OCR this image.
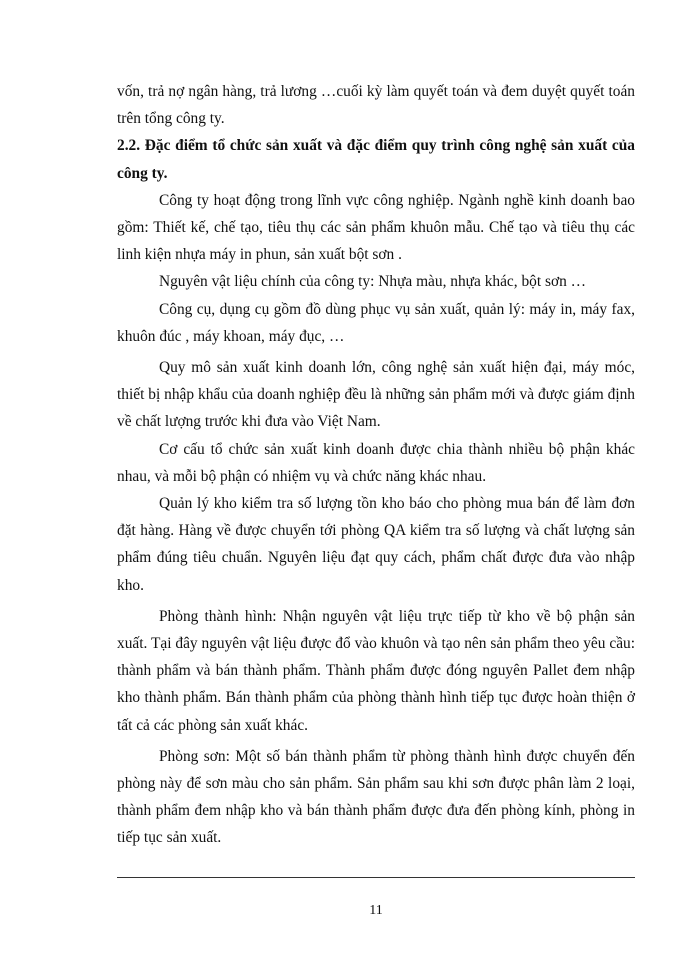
vốn, trả nợ ngân hàng, trả lương …cuối kỳ làm quyết toán và đem duyệt quyết toán trên tổng công ty.

2.2. Đặc điểm tổ chức sản xuất và đặc điểm quy trình công nghệ sản xuất của công ty.

Công ty hoạt động trong lĩnh vực công nghiệp. Ngành nghề kinh doanh bao gồm: Thiết kế, chế tạo, tiêu thụ các sản phẩm khuôn mẫu. Chế tạo và tiêu thụ các linh kiện nhựa máy in phun, sản xuất bột sơn .

Nguyên vật liệu chính của công ty: Nhựa màu, nhựa khác, bột sơn …

Công cụ, dụng cụ gồm đồ dùng phục vụ sản xuất, quản lý: máy in, máy fax, khuôn đúc , máy khoan, máy đục, …

Quy mô sản xuất kinh doanh lớn, công nghệ sản xuất hiện đại, máy móc, thiết bị nhập khẩu của doanh nghiệp đều là những sản phẩm mới và được giám định về chất lượng trước khi đưa vào Việt Nam.

Cơ cấu tổ chức sản xuất kinh doanh được chia thành nhiều bộ phận khác nhau, và mỗi bộ phận có nhiệm vụ và chức năng khác nhau.

Quản lý kho kiểm tra số lượng tồn kho báo cho phòng mua bán để làm đơn đặt hàng. Hàng về được chuyển tới phòng QA kiểm tra số lượng và chất lượng sản phẩm đúng tiêu chuẩn. Nguyên liệu đạt quy cách, phẩm chất được đưa vào nhập kho.

Phòng thành hình: Nhận nguyên vật liệu trực tiếp từ kho về bộ phận sản xuất. Tại đây nguyên vật liệu được đổ vào khuôn và tạo nên sản phẩm theo yêu cầu: thành phẩm và bán thành phẩm. Thành phẩm được đóng nguyên Pallet đem nhập kho thành phẩm. Bán thành phẩm của phòng thành hình tiếp tục được hoàn thiện ở tất cả các phòng sản xuất khác.

Phòng sơn: Một số bán thành phẩm từ phòng thành hình được chuyển đến phòng này để sơn màu cho sản phẩm. Sản phẩm sau khi sơn được phân làm 2 loại, thành phẩm đem nhập kho và bán thành phẩm được đưa đến phòng kính, phòng in tiếp tục sản xuất.

11
